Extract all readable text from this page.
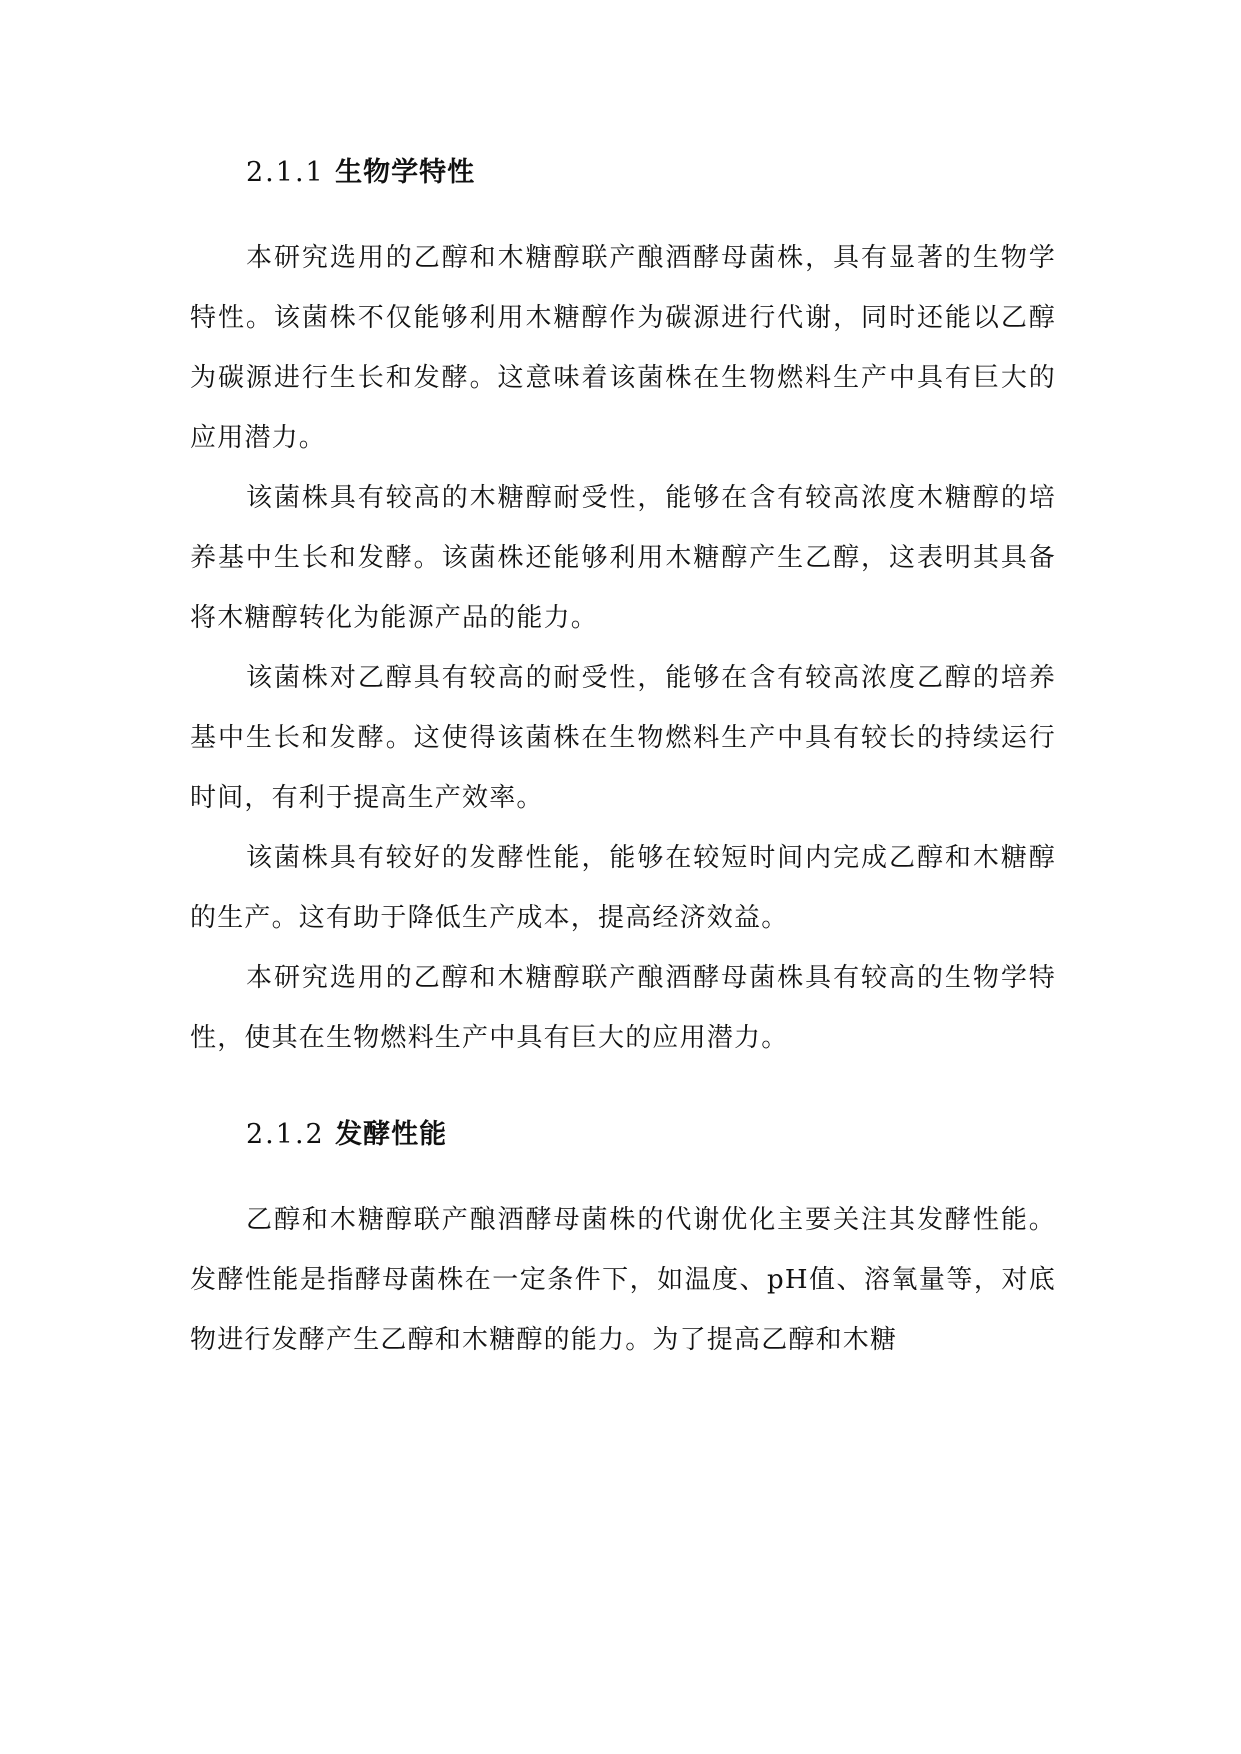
2.1.1 生物学特性

本研究选用的乙醇和木糖醇联产酿酒酵母菌株，具有显著的生物学特性。该菌株不仅能够利用木糖醇作为碳源进行代谢，同时还能以乙醇为碳源进行生长和发酵。这意味着该菌株在生物燃料生产中具有巨大的应用潜力。

该菌株具有较高的木糖醇耐受性，能够在含有较高浓度木糖醇的培养基中生长和发酵。该菌株还能够利用木糖醇产生乙醇，这表明其具备将木糖醇转化为能源产品的能力。

该菌株对乙醇具有较高的耐受性，能够在含有较高浓度乙醇的培养基中生长和发酵。这使得该菌株在生物燃料生产中具有较长的持续运行时间，有利于提高生产效率。

该菌株具有较好的发酵性能，能够在较短时间内完成乙醇和木糖醇的生产。这有助于降低生产成本，提高经济效益。

本研究选用的乙醇和木糖醇联产酿酒酵母菌株具有较高的生物学特性，使其在生物燃料生产中具有巨大的应用潜力。

2.1.2 发酵性能

乙醇和木糖醇联产酿酒酵母菌株的代谢优化主要关注其发酵性能。发酵性能是指酵母菌株在一定条件下，如温度、pH值、溶氧量等，对底物进行发酵产生乙醇和木糖醇的能力。为了提高乙醇和木糖
